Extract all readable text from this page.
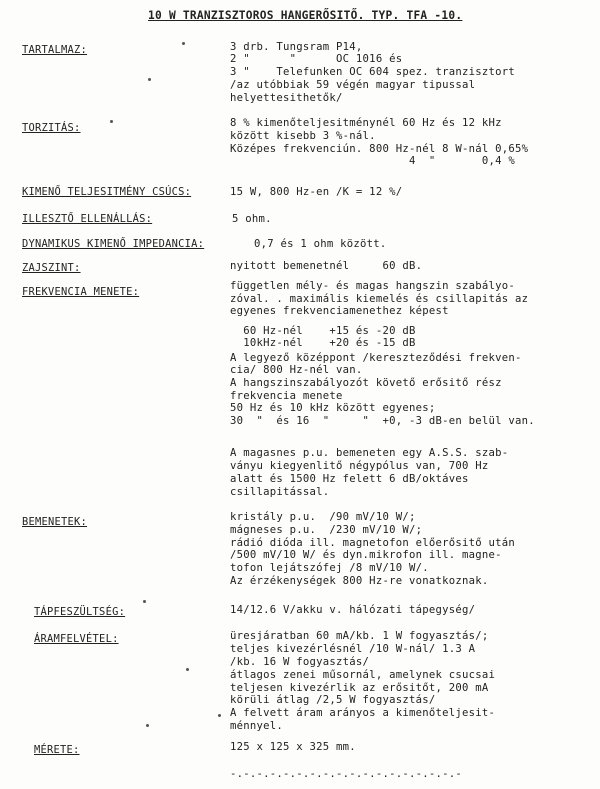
10 W TRANZISZTOROS HANGERŐSITŐ. TYP. TFA -10.
TARTALMAZ:	3 drb. Tungsram P14,
2 "      "      OC 1016 és
3 "    Telefunken OC 604 spez. tranzisztort
/az utóbbiak 59 végén magyar tipussal
helyettesithetők/
TORZITÁS:	8 % kimenőteljesitménynél 60 Hz és 12 kHz
között kisebb 3 %-nál.
Középes frekvenciún. 800 Hz-nél 8 W-nál 0,65%
4  "       0,4 %
KIMENŐ TELJESITMÉNY CSÚCS:	15 W, 800 Hz-en /K = 12 %/
ILLESZTŐ ELLENÁLLÁS:	5 ohm.
DYNAMIKUS KIMENŐ IMPEDANCIA:	0,7 és 1 ohm között.
ZAJSZINT:	nyitott bemenetnél     60 dB.
FREKVENCIA MENETE:	független mély- és magas hangszin szabályo-
zóval. . maximális kiemelés és csillapitás az
egyenes frekvenciamenethez képest
60 Hz-nél    +15 és -20 dB
10kHz-nél    +20 és -15 dB
A legyező középpont /kereszteződési frekven-
cia/ 800 Hz-nél van.
A hangszinszabályozót követő erősitő rész
frekvencia menete
50 Hz és 10 kHz között egyenes;
30  "  és 16  "     "  +0, -3 dB-en belül van.
A magasnes p.u. bemeneten egy A.S.S. szab-
ványu kiegyenlitő négypólus van, 700 Hz
alatt és 1500 Hz felett 6 dB/oktáves
csillapitással.
BEMENETEK:	kristály p.u.  /90 mV/10 W/;
mágneses p.u.  /230 mV/10 W/;
rádió dióda ill. magnetofon előerősitő után
/500 mV/10 W/ és dyn.mikrofon ill. magne-
tofon lejátszófej /8 mV/10 W/.
Az érzékenységek 800 Hz-re vonatkoznak.
TÁPFESZÜLTSÉG:	14/12.6 V/akku v. hálózati tápegység/
ÁRAMFELVÉTEL:	üresjáratban 60 mA/kb. 1 W fogyasztás/;
teljes kivezérlésnél /10 W-nál/ 1.3 A
/kb. 16 W fogyasztás/
átlagos zenei műsornál, amelynek csucsai
teljesen kivezérlik az erősitőt, 200 mA
körüli átlag /2,5 W fogyasztás/
A felvett áram arányos a kimenőteljesit-
ménnyel.
MÉRETE:	125 x 125 x 325 mm.
-.-.-.-.-.-.-.-.-.-.-.-.-.-.-.-.-.-
